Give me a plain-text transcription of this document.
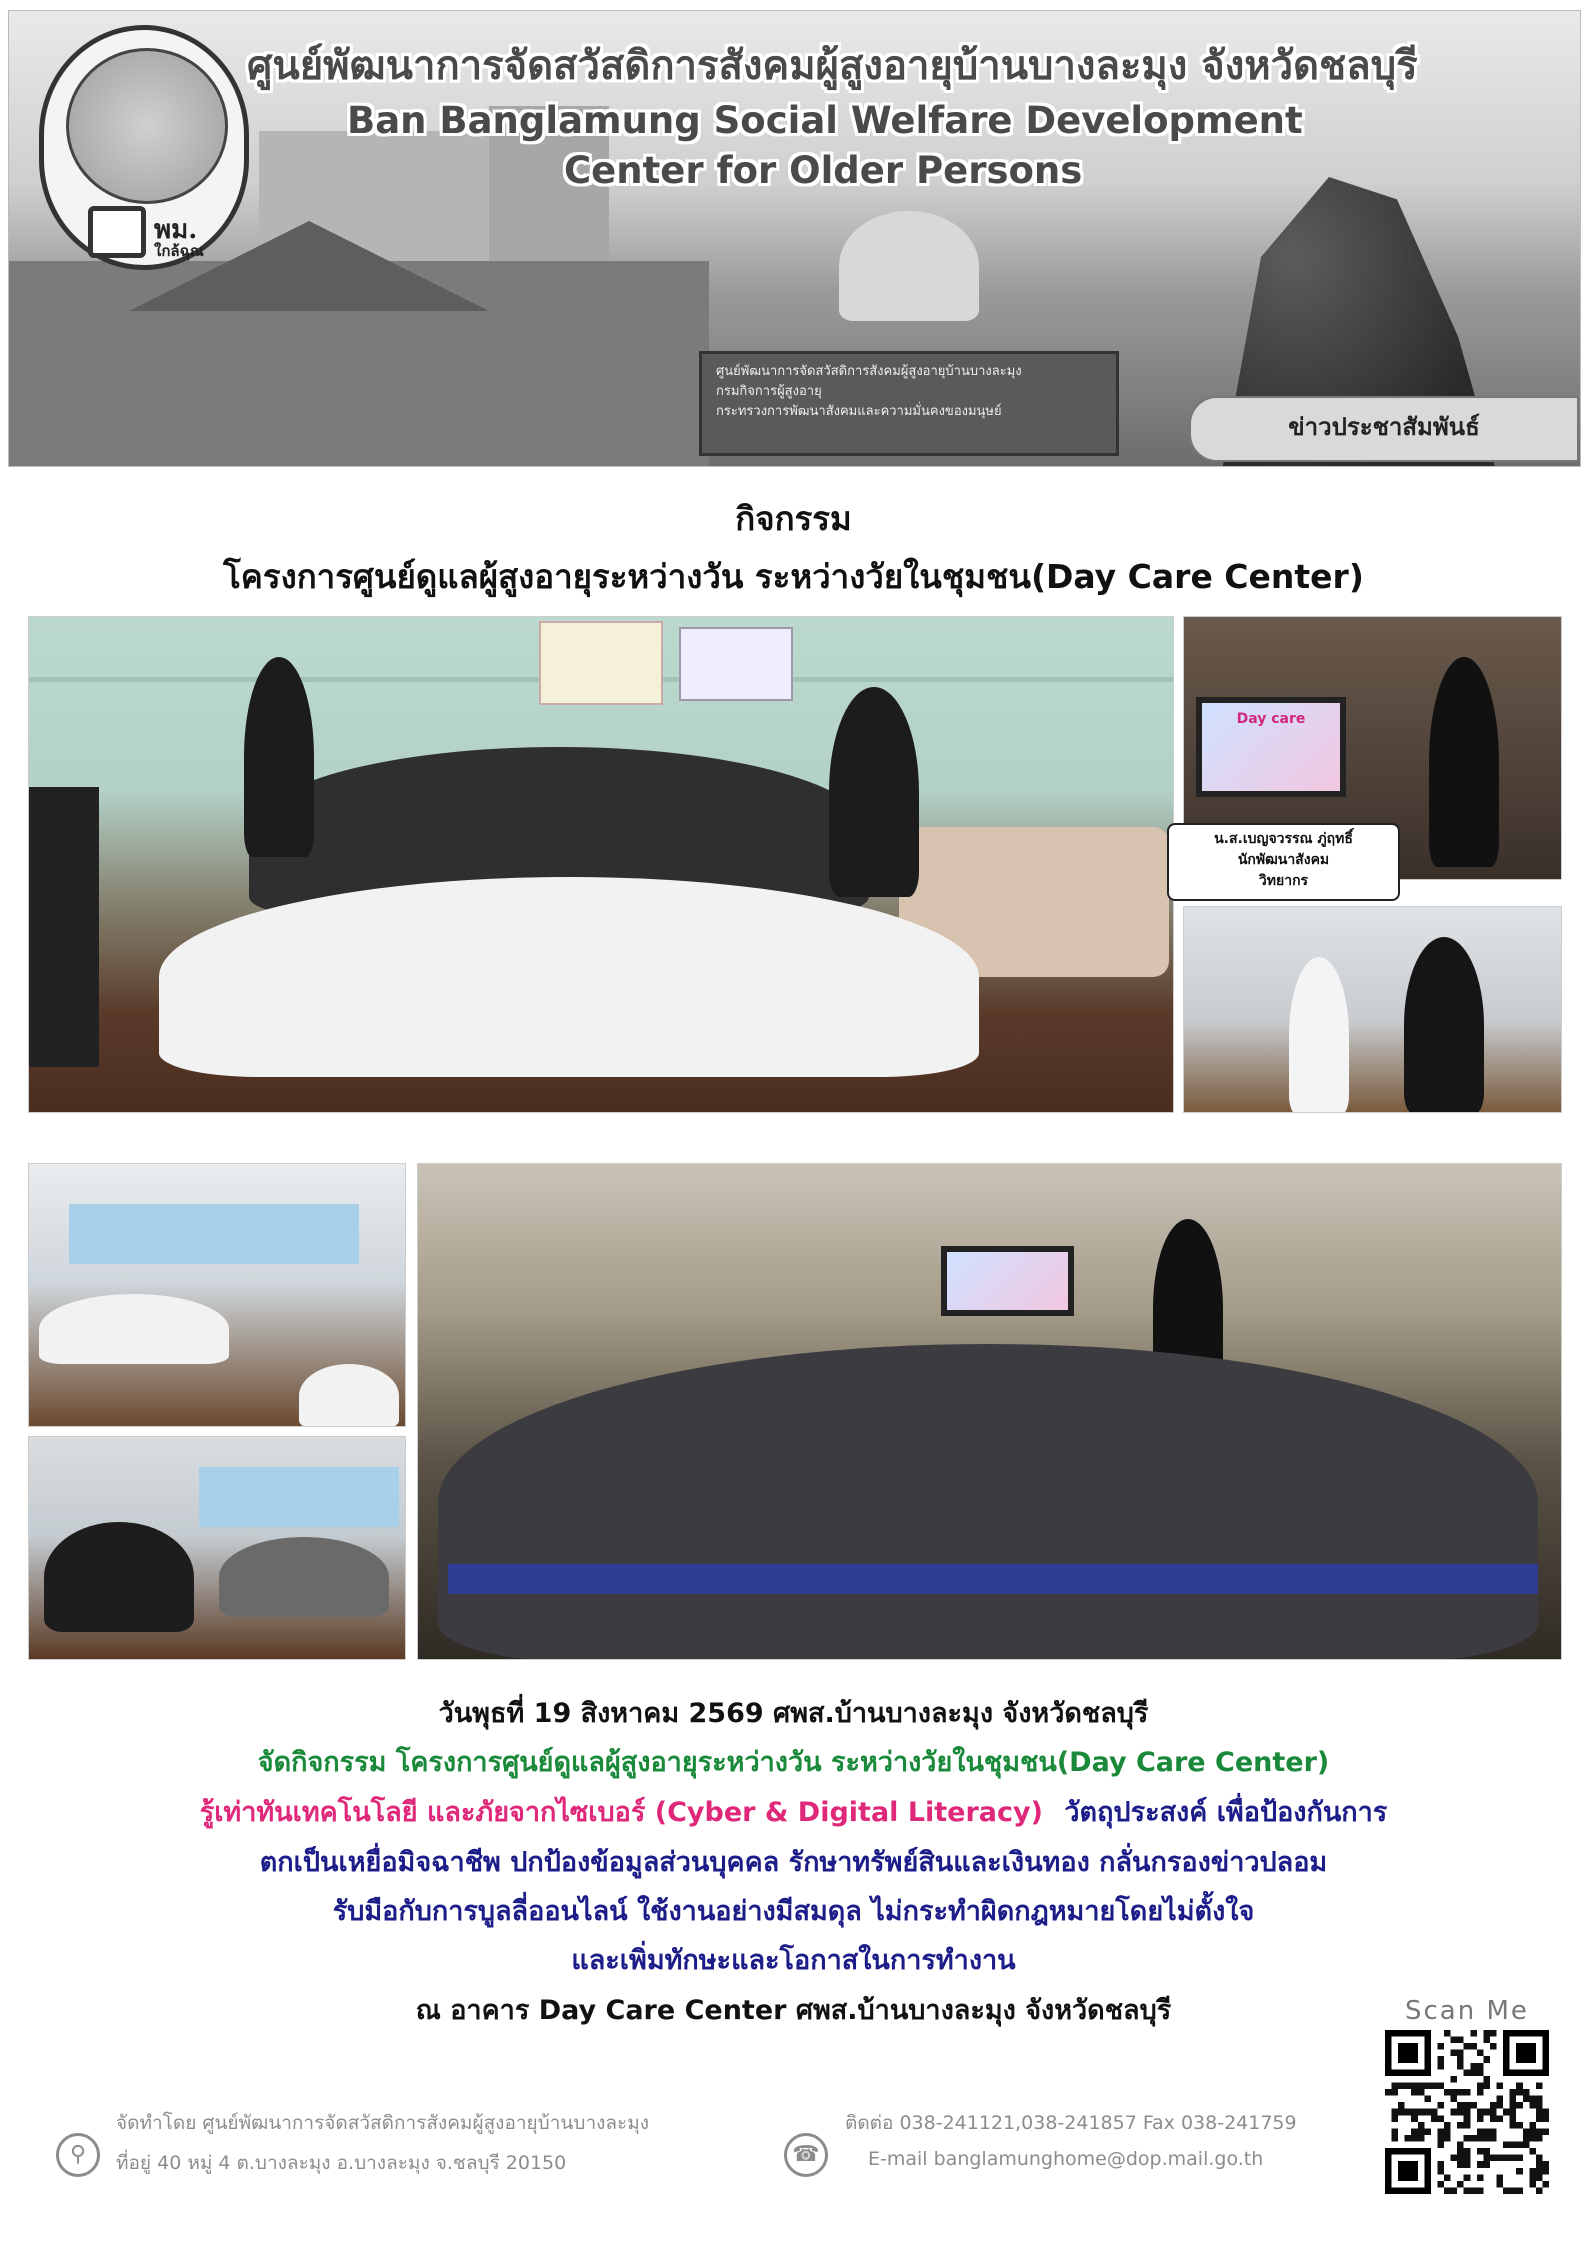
พม.
ใกล้ฉุณ
ศูนย์พัฒนาการจัดสวัสดิการสังคมผู้สูงอายุบ้านบางละมุง จังหวัดชลบุรี
Ban Banglamung Social Welfare Development
Center for Older Persons
ศูนย์พัฒนาการจัดสวัสดิการสังคมผู้สูงอายุบ้านบางละมุง
กรมกิจการผู้สูงอายุ
กระทรวงการพัฒนาสังคมและความมั่นคงของมนุษย์
ข่าวประชาสัมพันธ์
กิจกรรม
โครงการศูนย์ดูแลผู้สูงอายุระหว่างวัน ระหว่างวัยในชุมชน(Day Care Center)
Day care
น.ส.เบญจวรรณ ภู่ฤทธิ์
นักพัฒนาสังคม
วิทยากร
วันพุธที่ 19 สิงหาคม 2569 ศพส.บ้านบางละมุง จังหวัดชลบุรี
จัดกิจกรรม โครงการศูนย์ดูแลผู้สูงอายุระหว่างวัน ระหว่างวัยในชุมชน(Day Care Center)
รู้เท่าทันเทคโนโลยี และภัยจากไซเบอร์ (Cyber & Digital Literacy) วัตถุประสงค์ เพื่อป้องกันการ
ตกเป็นเหยื่อมิจฉาชีพ ปกป้องข้อมูลส่วนบุคคล รักษาทรัพย์สินและเงินทอง กลั่นกรองข่าวปลอม
รับมือกับการบูลลี่ออนไลน์ ใช้งานอย่างมีสมดุล ไม่กระทำผิดกฎหมายโดยไม่ตั้งใจ
และเพิ่มทักษะและโอกาสในการทำงาน
ณ อาคาร Day Care Center ศพส.บ้านบางละมุง จังหวัดชลบุรี
⚲
จัดทำโดย ศูนย์พัฒนาการจัดสวัสดิการสังคมผู้สูงอายุบ้านบางละมุง
ที่อยู่ 40 หมู่ 4 ต.บางละมุง อ.บางละมุง จ.ชลบุรี 20150	☎
ติดต่อ 038-241121,038-241857 Fax 038-241759
E-mail banglamunghome@dop.mail.go.th
Scan Me
